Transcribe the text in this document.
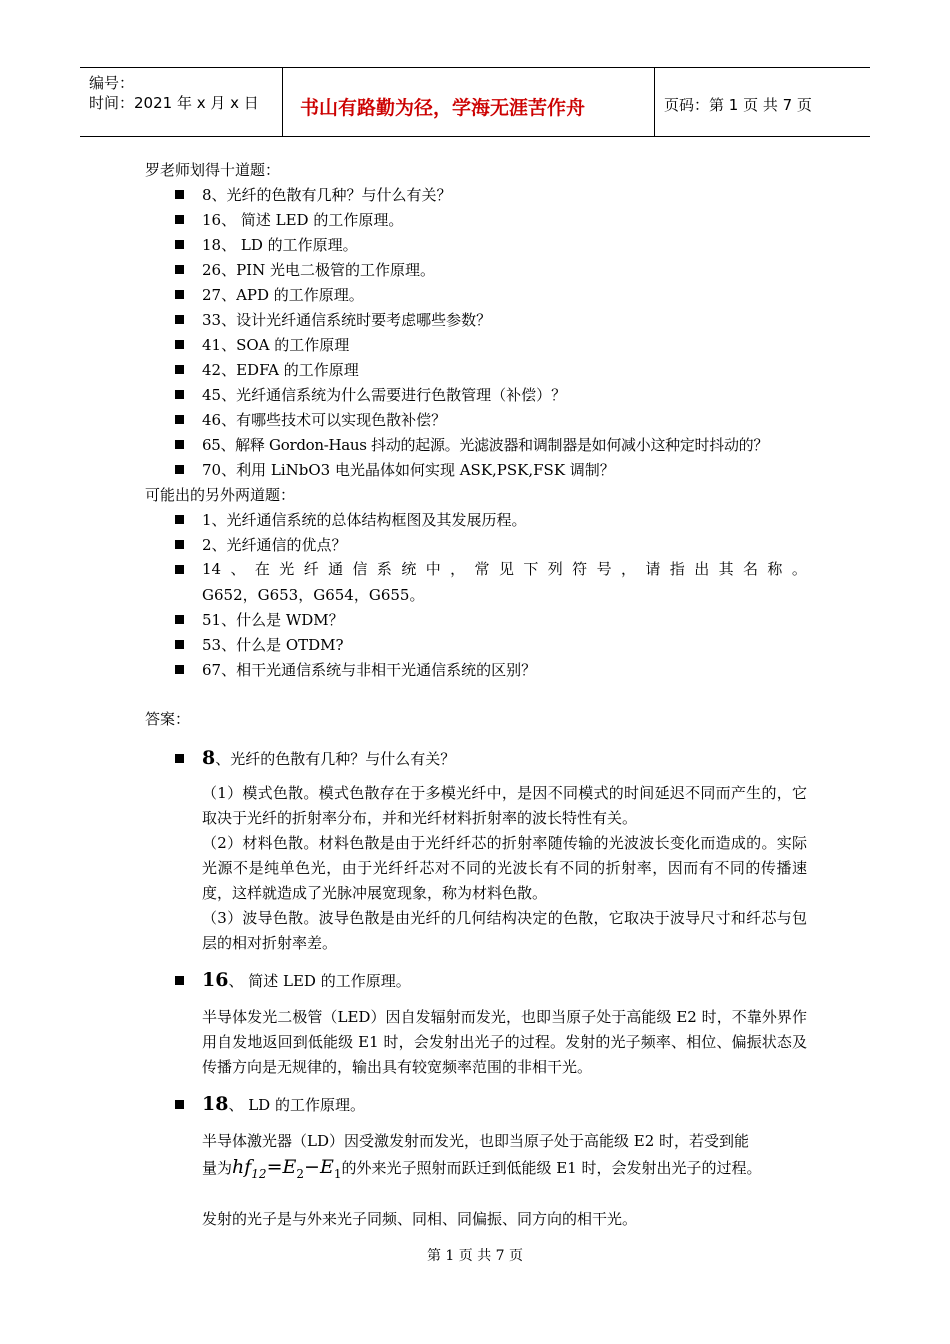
编号：
时间：2021 年 x 月 x 日 书山有路勤为径，学海无涯苦作舟	页码：第 1 页 共 7 页
罗老师划得十道题：
8、光纤的色散有几种？与什么有关？
16、 简述 LED 的工作原理。
18、 LD 的工作原理。
26、PIN 光电二极管的工作原理。
27、APD 的工作原理。
33、设计光纤通信系统时要考虑哪些参数？
41、SOA 的工作原理
42、EDFA 的工作原理
45、光纤通信系统为什么需要进行色散管理（补偿）？
46、有哪些技术可以实现色散补偿？
65、解释 Gordon-Haus 抖动的起源。光滤波器和调制器是如何减小这种定时抖动的？
70、利用 LiNbO3 电光晶体如何实现 ASK,PSK,FSK 调制？
可能出的另外两道题：
1、光纤通信系统的总体结构框图及其发展历程。
2、光纤通信的优点？
14 、 在 光 纤 通 信 系 统 中 ， 常 见 下 列 符 号 ， 请 指 出 其 名 称 。
G652，G653，G654，G655。
51、什么是 WDM？
53、什么是 OTDM?
67、相干光通信系统与非相干光通信系统的区别？
答案：
8、光纤的色散有几种？与什么有关？

（1）模式色散。模式色散存在于多模光纤中，是因不同模式的时间延迟不同而产生的，它取决于光纤的折射率分布，并和光纤材料折射率的波长特性有关。

（2）材料色散。材料色散是由于光纤纤芯的折射率随传输的光波波长变化而造成的。实际光源不是纯单色光，由于光纤纤芯对不同的光波长有不同的折射率，因而有不同的传播速度，这样就造成了光脉冲展宽现象，称为材料色散。

（3）波导色散。波导色散是由光纤的几何结构决定的色散，它取决于波导尺寸和纤芯与包层的相对折射率差。

16、 简述 LED 的工作原理。

半导体发光二极管（LED）因自发辐射而发光，也即当原子处于高能级 E2 时，不靠外界作用自发地返回到低能级 E1 时，会发射出光子的过程。发射的光子频率、相位、偏振状态及传播方向是无规律的，输出具有较宽频率范围的非相干光。

18、 LD 的工作原理。
半导体激光器（LD）因受激发射而发光，也即当原子处于高能级 E2 时，若受到能
量为$hf_{12}=E_2-E_1$的外来光子照射而跃迁到低能级 E1 时，会发射出光子的过程。
发射的光子是与外来光子同频、同相、同偏振、同方向的相干光。
第 1 页 共 7 页
